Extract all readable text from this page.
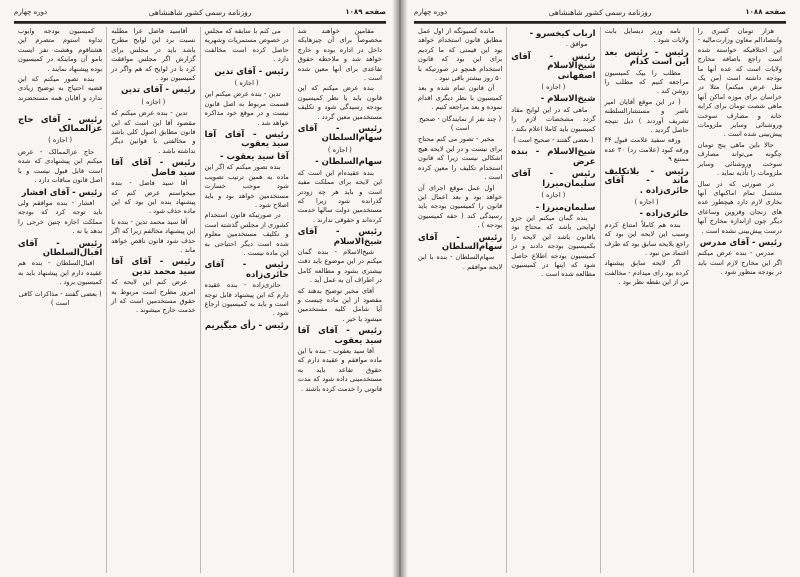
صفحه ۱۰۸۹
روزنامه رسمی کشور شاهنشاهی
دوره چهارم
مقامین خواهند شد مخصوصاً برای آن چیزهایکه داخل در اداره بوده و خارج خواهد شد و ملاحظه حقوق تقاعدی برای آنها معین شده است .
بنده عرض میکنم که این قانون باید با نظر کمیسیون بودجه رسیدگی شود و تکلیف مستخدمین معین گردد .
رئیس - آقای سهام‌السلطان
( اجازه )
سهام‌السلطان -
بنده عقیده‌ام این است که این لایحه برای مملکت مفید است و باید هر چه زودتر گذرانده شود زیرا که مستخدمین دولت سالها خدمت کرده‌اند و حقوقی ندارند .
رئیس - آقای شیخ‌الاسلام
شیخ‌الاسلام - بنده گمان میکنم در این موضوع باید دقت بیشتری بشود و مطالعه کامل در اطراف آن به عمل آید .
آقای مخبر توضیح بدهند که مقصود از این ماده چیست و آیا شامل کلیه مستخدمین میشود یا خیر .
رئیس - آقای آقا سید یعقوب
آقا سید یعقوب - بنده با این ماده موافقم و عقیده دارم که حقوق تقاعد باید به مستخدمینی داده شود که مدت قانونی را خدمت کرده باشند .
می کنم با سابقه که مجلس در خصوص مستمریات وشهریه حاصل کرده است مخالفت دارد .
رئیس - آقای تدین
( اجازه )
تدین - بنده عرض میکنم این قسمت مربوط به اصل قانون نیست و در موقع خود مذاکره خواهد شد .
رئیس - آقای آقا سید یعقوب
آقا سید یعقوب -
بنده تصور میکنم که اگر این ماده به همین ترتیب تصویب شود موجب خسارت مستخدمین خواهد بود و باید اصلاح شود .
در صورتیکه قانون استخدام کشوری از مجلس گذشته است و تکلیف مستخدمین معلوم شده است دیگر احتیاجی به این ماده نیست .
رئیس - آقای حائری‌زاده
حائری‌زاده - بنده عقیده دارم که این پیشنهاد قابل توجه است و باید به کمیسیون ارجاع شود .
رئیس - رأی میگیریم
آقاسید فاضل عرا مطلبه نسبت برد این لوایح مطرح باشد باید در مجلس برای گزارش اگر مجلس موافقت کرد با در لوایح که هم واگر در کمیسیون بود .
رئیس - آقای تدین
( اجازه )
تدین - بنده عرض میکنم که مقصود آقا این است که این قانون مطابق اصول کلی باشد و مخالفتی با قوانین دیگر نداشته باشد .
رئیس - آقای آقا سید فاضل
آقا سید فاضل - بنده میخواستم عرض کنم که پیشنهاد بنده این بود که این ماده حذف شود .
آقا سید محمد تدین - بنده با این پیشنهاد مخالفم زیرا که اگر حذف شود قانون ناقص خواهد ماند .
رئیس - آقای آقا سید محمد تدین
عرض کنم این لایحه که امروز مطرح است مربوط به حقوق مستخدمین است که از خدمت خارج میشوند .
کمیسیون بودجه وایوب تداوه استوم متصرم این هشتاقوم وهشت نفر ایست بامو آن وماینکه در کمیسیون بوده پیشنهاد نمایند .
بنده تصور میکنم که این قضیه احتیاج به توضیح زیادی ندارد و آقایان همه مستحضرند .
رئیس - آقای حاج عزالممالک
( اجازه )
حاج عزالممالک - عرض میکنم این پیشنهادی که شده است قابل قبول نیست و با اصل قانون منافات دارد .
رئیس - آقای افشار
افشار - بنده موافقم ولی باید توجه کرد که بودجه مملکت اجازه چنین خرجی را بدهد یا نه .
رئیس - آقای اقبال‌السلطان
اقبال‌السلطان - بنده هم عقیده دارم این پیشنهاد باید به کمیسیون برود .
( بعضی گفتند - مذاکرات کافی است )
صفحه ۱۰۸۸
روزنامه رسمی کشور شاهنشاهی
دوره چهارم
هزار تومان کسری را وانتصادالم معاون وزارت‌مالیه - این اختلافیکه خواسته شده است راجع باضافه مخارج ولایات است که عده آنها ما بودجه داشته است (من یک مثل عرض میکنم) مثلا در خراسان برای موزه اماکن آنها ماهی شصت تومان برای کرایه خانه و مصارف سوخت وروشنائی وسایر ملزومات پیش‌بینی شده است .
حالا باین ماهی پنج تومان چگونه می‌تواند مصارف سوخت وروشنائی وسایر ملزومات را تأدیه نماید .
در صورتی که در سال مشتمل تمام اماکنهای آنها بخاری لازم دارد هیچطور عده های زنجان وقزوین وساعای دیگر چون ازاندازه مخارج آنها درست پیش‌بینی نشده است .
رئیس - آقای مدرس
مدرس - بنده عرض میکنم اگر این مخارج لازم است باید در بودجه منظور شود .
نامه وزیر دیسایل بابت ولایات شود .
رئیس - رئیس بعد این است کدام
مطلب را بیک کمیسیون مراجعه کنیم که مطلب را روشن کند .
( در این موقع آقایان امیر ناصر و مستشارالسلطنه تشریف آوردند ) ذیل نتیجه حاصل گردید .
ورقه سفید علامت قبول ۴۴ ورقه کبود (علامت رد) ۳۰ عده ممتنع ۹
رئیس - بلاتکلیف ماند - آقای حائری‌زاده .
( اجازه )
حائری‌زاده -
بنده هم کاملاً امتناع کردم وسبب این لایحه این بود که راجع بلایحه سابق بود که طرف اعتماد من نبود .
اگر لایحه سابق پیشنهاد کرده بود رای میدادم - مخالفت من از این نقطه نظر بود .
ارباب کیخسرو -
موافق .
رئیس - آقای شیخ‌الاسلام اصفهانی
( اجازه )
شیخ‌الاسلام -
ماهی که در این لوایح مقاد گردد مشخصات لازم را کمیسیون باید کاملا اعلام بکند .
( بعضی گفتند - صحیح است )
شیخ‌الاسلام - بنده عرض
رئیس - آقای سلیمان‌میرزا
( اجازه )
سلیمان‌میرزا -
بنده گمان میکنم این جزو لوایحی باشد که محتاج بود باقانون باشد این لایحه را بکمیسیون بودجه دادند و در کمیسیون بودجه اطلاع حاصل شود که اینها در کمیسیون مطالعه شده است .
مانده کسیونگه از اول عمل مطابق قانون استخدام خواهد بود این قیمتی که ما کردیم برای این بود که قانون استخدام همچو در صورتیکه با ۵۰ روز بیشتر باقی نبود .
آن قانون تمام شده و بعد کمیسیون با نظر دیگری اقدام نموده و بعد مراجعه کنیم .
( چند نفر از نمایندگان - صحیح است )
مخبر - تصور می کنم محتاج برای نیست و در این لایحه هیچ اشکالی نیست زیرا که قانون استخدام تکلیف را معین کرده است .
اول عمل موقع اجرای آن خواهد بود و بعد اعمال این قانون را کمیسیون بودجه باید رسیدگی کند ( حقه کمیسیون بودجه ) .
رئیس - آقای سهام‌السلطان
سهام‌السلطان - بنده با این لایحه موافقم .
